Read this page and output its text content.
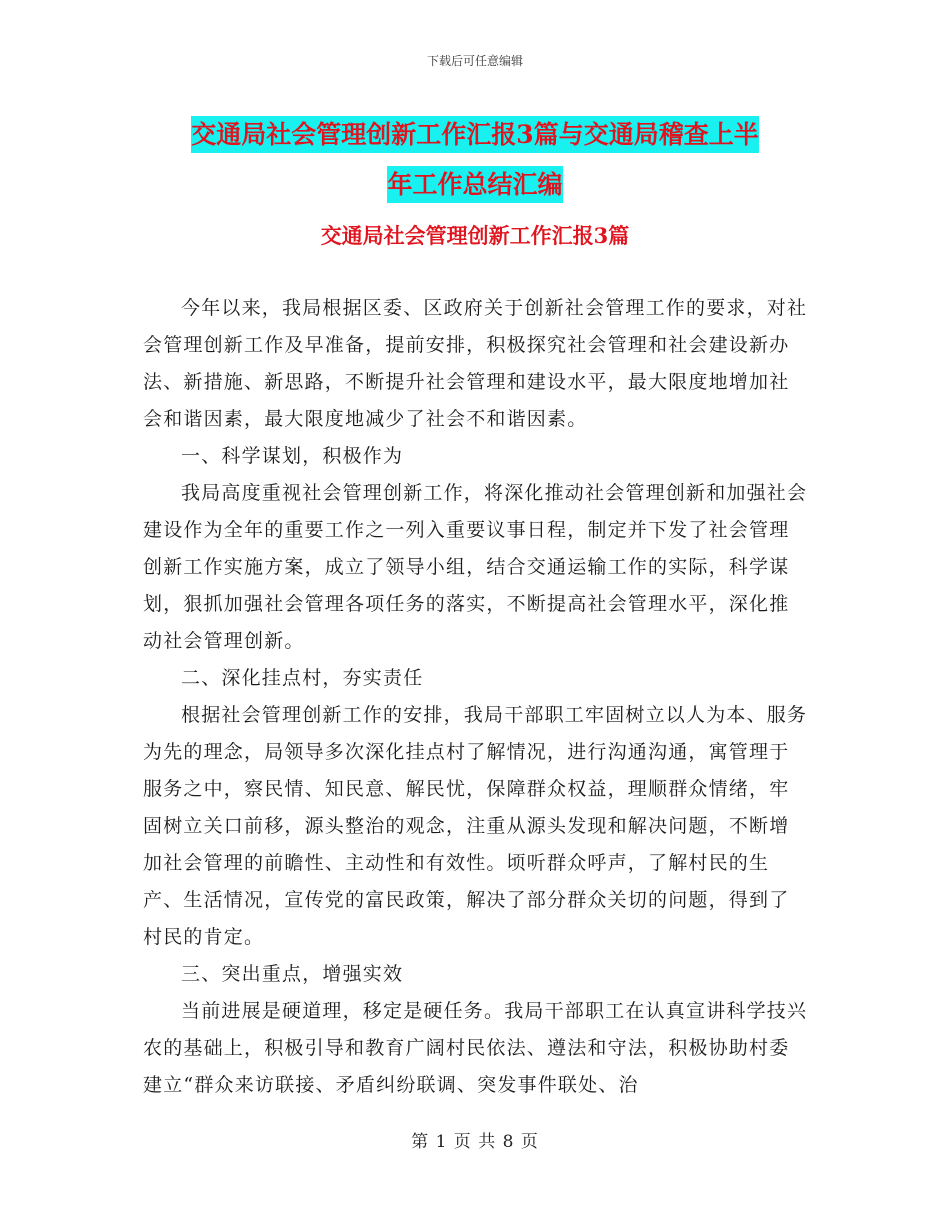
下载后可任意编辑
交通局社会管理创新工作汇报3篇与交通局稽查上半
年工作总结汇编
交通局社会管理创新工作汇报3篇

今年以来，我局根据区委、区政府关于创新社会管理工作的要求，对社会管理创新工作及早准备，提前安排，积极探究社会管理和社会建设新办法、新措施、新思路，不断提升社会管理和建设水平，最大限度地增加社会和谐因素，最大限度地减少了社会不和谐因素。

一、科学谋划，积极作为

我局高度重视社会管理创新工作，将深化推动社会管理创新和加强社会建设作为全年的重要工作之一列入重要议事日程，制定并下发了社会管理创新工作实施方案，成立了领导小组，结合交通运输工作的实际，科学谋划，狠抓加强社会管理各项任务的落实，不断提高社会管理水平，深化推动社会管理创新。

二、深化挂点村，夯实责任

根据社会管理创新工作的安排，我局干部职工牢固树立以人为本、服务为先的理念，局领导多次深化挂点村了解情况，进行沟通沟通，寓管理于服务之中，察民情、知民意、解民忧，保障群众权益，理顺群众情绪，牢固树立关口前移，源头整治的观念，注重从源头发现和解决问题，不断增加社会管理的前瞻性、主动性和有效性。顷听群众呼声，了解村民的生产、生活情况，宣传党的富民政策，解决了部分群众关切的问题，得到了村民的肯定。

三、突出重点，增强实效

当前进展是硬道理，移定是硬任务。我局干部职工在认真宣讲科学技兴农的基础上，积极引导和教育广阔村民依法、遵法和守法，积极协助村委建立“群众来访联接、矛盾纠纷联调、突发事件联处、治

第 1 页 共 8 页
